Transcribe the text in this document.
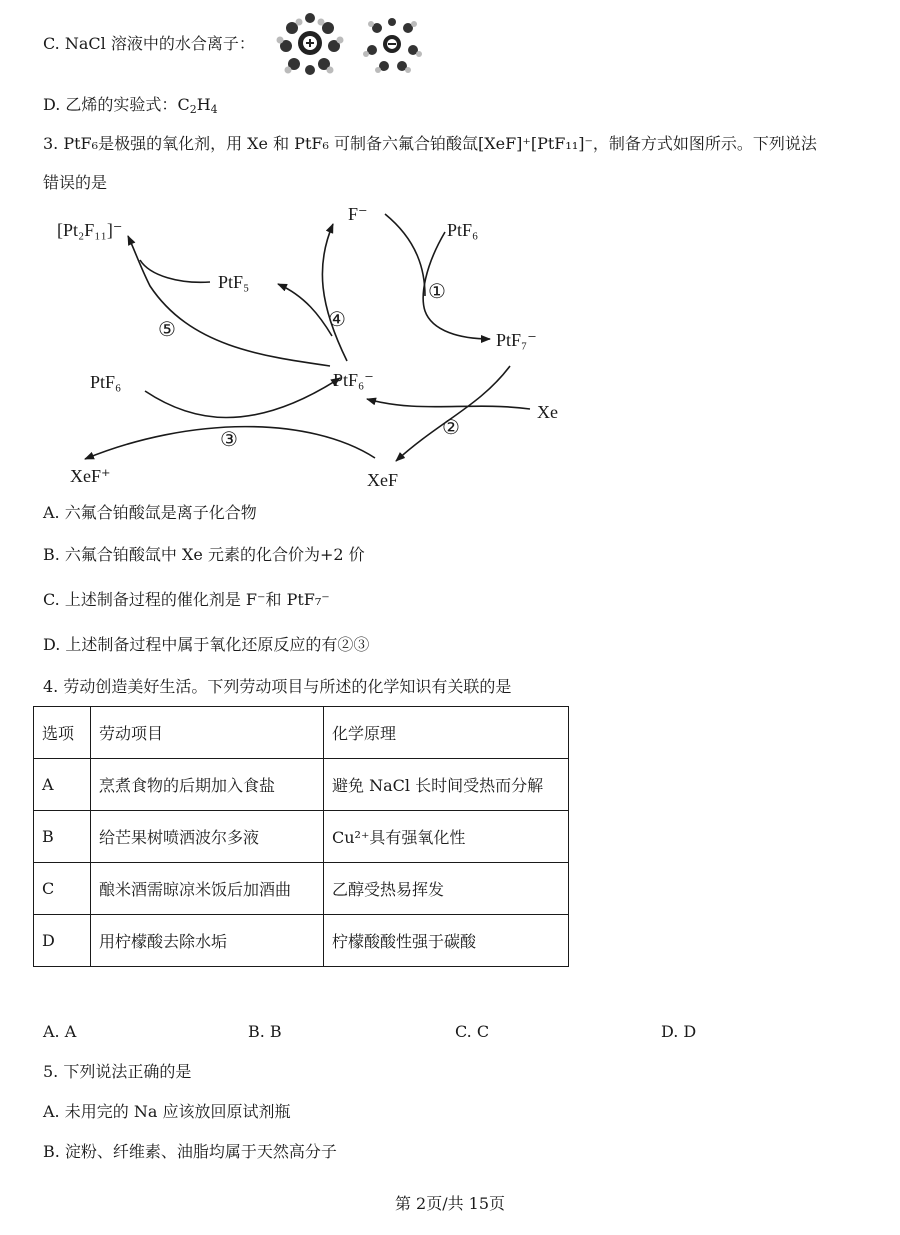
C. NaCl 溶液中的水合离子：
D. 乙烯的实验式：$C_2H_4$
3. PtF₆是极强的氧化剂，用 Xe 和 PtF₆ 可制备六氟合铂酸氙[XeF]⁺[PtF₁₁]⁻，制备方式如图所示。下列说法
错误的是
[Pt₂F₁₁]⁻
F⁻
PtF₆
PtF₅
PtF₇⁻
PtF₆⁻
PtF₆
Xe
XeF⁺	XeF
①
②
③
④
⑤
A. 六氟合铂酸氙是离子化合物
B. 六氟合铂酸氙中 Xe 元素的化合价为+2 价
C. 上述制备过程的催化剂是 F⁻和 PtF₇⁻
D. 上述制备过程中属于氧化还原反应的有②③
4. 劳动创造美好生活。下列劳动项目与所述的化学知识有关联的是
选项	劳动项目	化学原理
A	烹煮食物的后期加入食盐	避免 NaCl 长时间受热而分解
B	给芒果树喷洒波尔多液	Cu²⁺具有强氧化性
C	酿米酒需晾凉米饭后加酒曲	乙醇受热易挥发
D	用柠檬酸去除水垢	柠檬酸酸性强于碳酸
A. A	B. B	C. C	D. D
5. 下列说法正确的是
A. 未用完的 Na 应该放回原试剂瓶
B. 淀粉、纤维素、油脂均属于天然高分子
第 2页/共 15页
